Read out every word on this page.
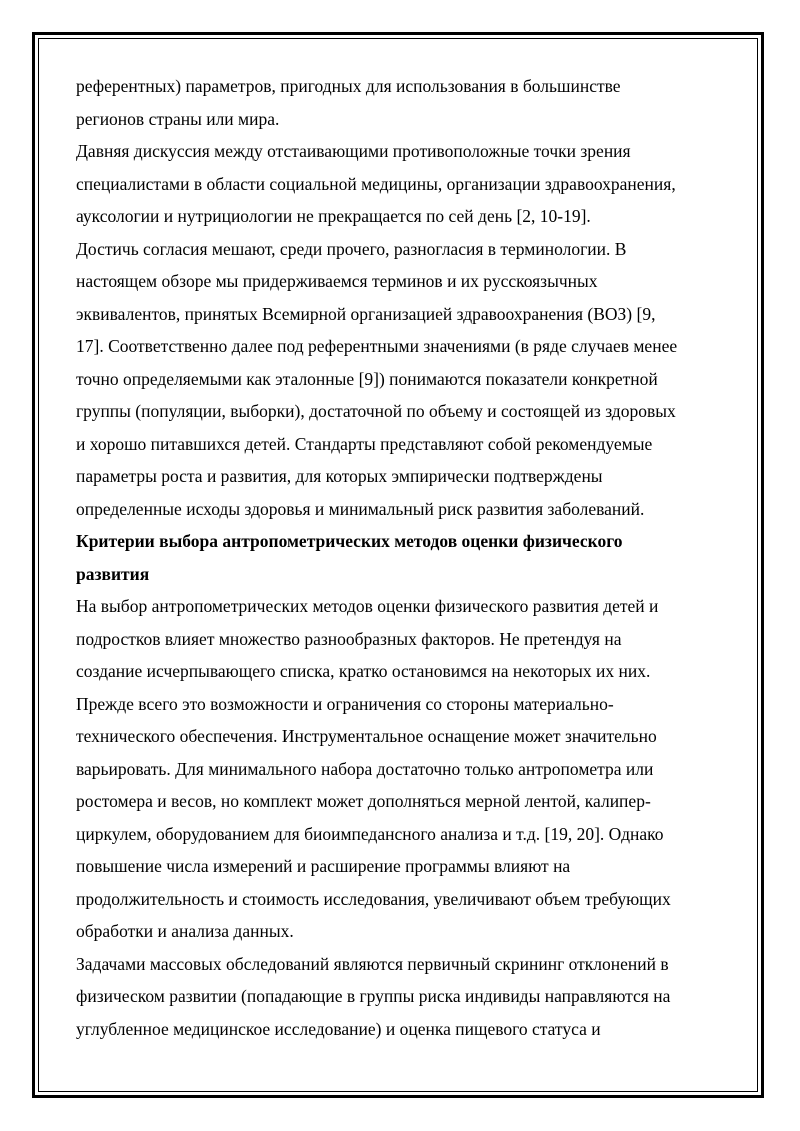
референтных) параметров, пригодных для использования в большинстве
регионов страны или мира.
Давняя дискуссия между отстаивающими противоположные точки зрения
специалистами в области социальной медицины, организации здравоохранения,
ауксологии и нутрициологии не прекращается по сей день [2, 10-19].
Достичь согласия мешают, среди прочего, разногласия в терминологии. В
настоящем обзоре мы придерживаемся терминов и их русскоязычных
эквивалентов, принятых Всемирной организацией здравоохранения (ВОЗ) [9,
17]. Соответственно далее под референтными значениями (в ряде случаев менее
точно определяемыми как эталонные [9]) понимаются показатели конкретной
группы (популяции, выборки), достаточной по объему и состоящей из здоровых
и хорошо питавшихся детей. Стандарты представляют собой рекомендуемые
параметры роста и развития, для которых эмпирически подтверждены
определенные исходы здоровья и минимальный риск развития заболеваний.
Критерии выбора антропометрических методов оценки физического
развития
На выбор антропометрических методов оценки физического развития детей и
подростков влияет множество разнообразных факторов. Не претендуя на
создание исчерпывающего списка, кратко остановимся на некоторых их них.
Прежде всего это возможности и ограничения со стороны материально-
технического обеспечения. Инструментальное оснащение может значительно
варьировать. Для минимального набора достаточно только антропометра или
ростомера и весов, но комплект может дополняться мерной лентой, калипер-
циркулем, оборудованием для биоимпедансного анализа и т.д. [19, 20]. Однако
повышение числа измерений и расширение программы влияют на
продолжительность и стоимость исследования, увеличивают объем требующих
обработки и анализа данных.
Задачами массовых обследований являются первичный скрининг отклонений в
физическом развитии (попадающие в группы риска индивиды направляются на
углубленное медицинское исследование) и оценка пищевого статуса и
